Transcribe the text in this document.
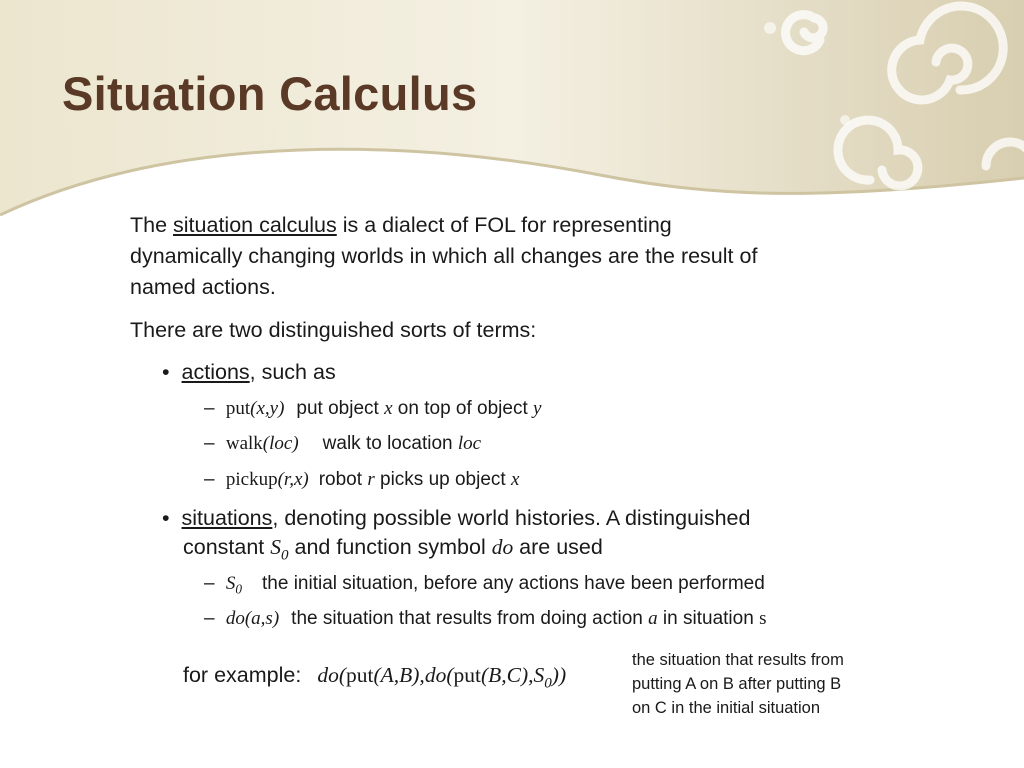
Situation Calculus
The situation calculus is a dialect of FOL for representing
dynamically changing worlds in which all changes are the result of
named actions.
There are two distinguished sorts of terms:
• actions, such as
– put(x,y) put object x on top of object y
– walk(loc) walk to location loc
– pickup(r,x) robot r picks up object x
• situations, denoting possible world histories. A distinguished
constant $S_0$ and function symbol do are used
– $S_0$ the initial situation, before any actions have been performed
– do(a,s) the situation that results from doing action a in situation s
for example: $do(put(A,B),do(put(B,C),S_0))$
the situation that results from
putting A on B after putting B
on C in the initial situation
